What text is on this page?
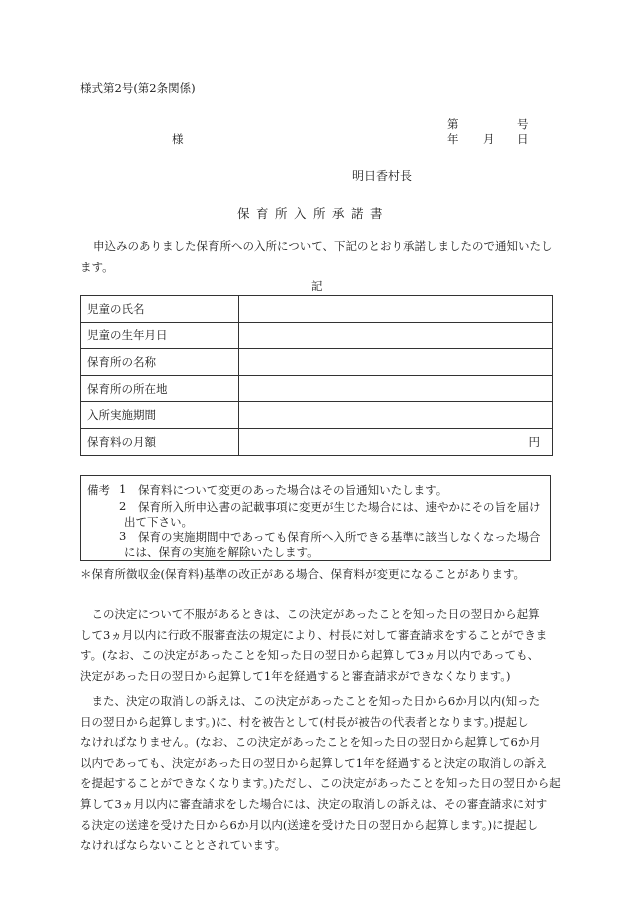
様式第2号(第2条関係)
様
第	号
年 月 日
明日香村長
保育所入所承諾書
申込みのありました保育所への入所について、下記のとおり承諾しましたので通知いたします。
記
児童の氏名	
児童の生年月日	
保育所の名称	
保育所の所在地	
入所実施期間	
保育料の月額	円
備考 1 保育料について変更のあった場合はその旨通知いたします。
2 保育所入所申込書の記載事項に変更が生じた場合には、速やかにその旨を届け
出て下さい。
3 保育の実施期間中であっても保育所へ入所できる基準に該当しなくなった場合
には、保育の実施を解除いたします。
＊保育所徴収金(保育料)基準の改正がある場合、保育料が変更になることがあります。
　この決定について不服があるときは、この決定があったことを知った日の翌日から起算
して3ヵ月以内に行政不服審査法の規定により、村長に対して審査請求をすることができま
す。(なお、この決定があったことを知った日の翌日から起算して3ヵ月以内であっても、
決定があった日の翌日から起算して1年を経過すると審査請求ができなくなります。)
　また、決定の取消しの訴えは、この決定があったことを知った日から6か月以内(知った
日の翌日から起算します。)に、村を被告として(村長が被告の代表者となります。)提起し
なければなりません。(なお、この決定があったことを知った日の翌日から起算して6か月
以内であっても、決定があった日の翌日から起算して1年を経過すると決定の取消しの訴え
を提起することができなくなります。)ただし、この決定があったことを知った日の翌日から起
算して3ヵ月以内に審査請求をした場合には、決定の取消しの訴えは、その審査請求に対す
る決定の送達を受けた日から6か月以内(送達を受けた日の翌日から起算します。)に提起し
なければならないこととされています。
